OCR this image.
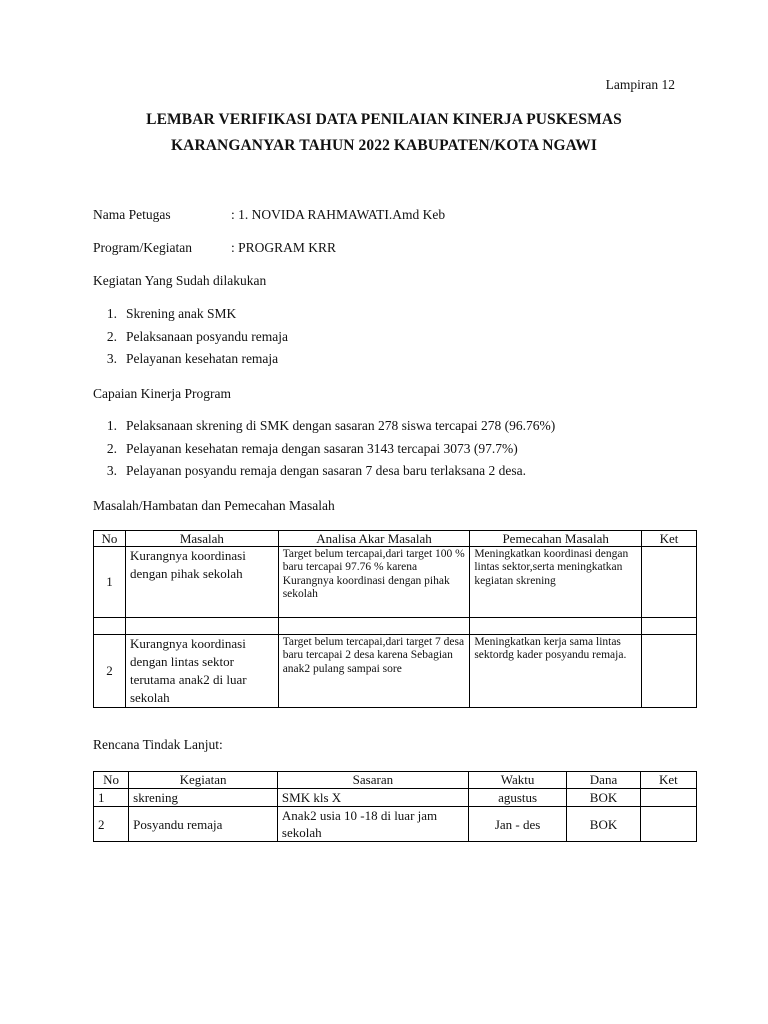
Lampiran 12
LEMBAR VERIFIKASI DATA PENILAIAN KINERJA PUSKESMAS
KARANGANYAR TAHUN 2022 KABUPATEN/KOTA NGAWI
Nama Petugas	: 1. NOVIDA RAHMAWATI.Amd Keb
Program/Kegiatan	: PROGRAM KRR
Kegiatan Yang Sudah dilakukan
1. Skrening anak SMK
2. Pelaksanaan posyandu remaja
3. Pelayanan kesehatan remaja
Capaian Kinerja Program
1. Pelaksanaan skrening di SMK dengan sasaran 278 siswa tercapai 278 (96.76%)
2. Pelayanan kesehatan remaja dengan sasaran 3143 tercapai 3073 (97.7%)
3. Pelayanan posyandu remaja dengan sasaran 7 desa baru terlaksana 2 desa.
Masalah/Hambatan dan Pemecahan Masalah
No	Masalah	Analisa Akar Masalah	Pemecahan Masalah	Ket
1	Kurangnya koordinasi dengan pihak sekolah	Target belum tercapai,dari target 100 % baru tercapai 97.76 % karena Kurangnya koordinasi dengan pihak sekolah	Meningkatkan koordinasi dengan lintas sektor,serta meningkatkan kegiatan skrening	

2	Kurangnya koordinasi dengan lintas sektor terutama anak2 di luar sekolah	Target belum tercapai,dari target 7 desa baru tercapai 2 desa karena Sebagian anak2 pulang sampai sore	Meningkatkan kerja sama lintas sektordg kader posyandu remaja.	
Rencana Tindak Lanjut:
No	Kegiatan	Sasaran	Waktu	Dana	Ket
1	skrening	SMK kls X	agustus	BOK	
2	Posyandu remaja	Anak2 usia 10 -18 di luar jam sekolah	Jan - des	BOK	
